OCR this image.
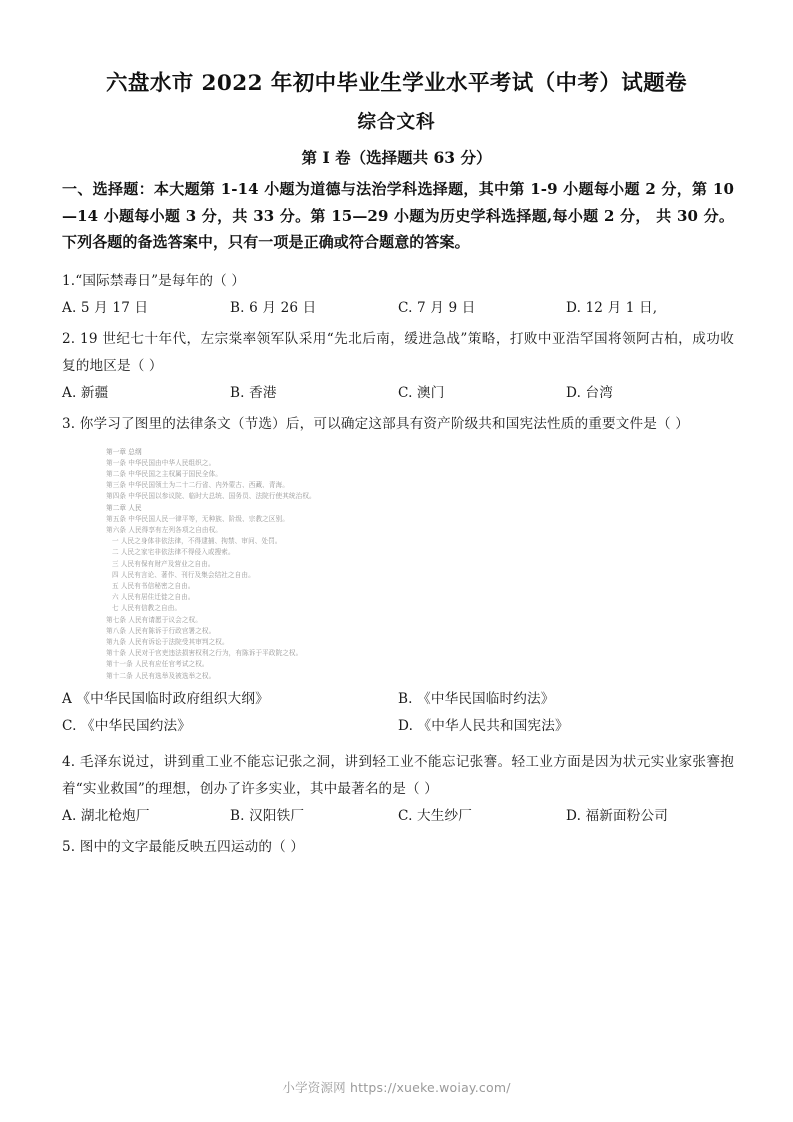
六盘水市 2022 年初中毕业生学业水平考试（中考）试题卷
综合文科
第 I 卷（选择题共 63 分）

一、选择题：本大题第 1-14 小题为道德与法治学科选择题，其中第 1-9 小题每小题 2 分，第 10—14 小题每小题 3 分，共 33 分。第 15—29 小题为历史学科选择题,每小题 2 分， 共 30 分。下列各题的备选答案中，只有一项是正确或符合题意的答案。

1.“国际禁毒日”是每年的（ ）

A. 5 月 17 日	B. 6 月 26 日	C. 7 月 9 日	D. 12 月 1 日,

2. 19 世纪七十年代，左宗棠率领军队采用“先北后南，缓进急战”策略，打败中亚浩罕国将领阿古柏，成功收复的地区是（ ）

A. 新疆	B. 香港	C. 澳门	D. 台湾

3. 你学习了图里的法律条文（节选）后，可以确定这部具有资产阶级共和国宪法性质的重要文件是（ ）

第一章 总纲
第一条 中华民国由中华人民组织之。
第二条 中华民国之主权属于国民全体。
第三条 中华民国领土为二十二行省、内外蒙古、西藏、青海。
第四条 中华民国以参议院、临时大总统、国务员、法院行使其统治权。
第二章 人民
第五条 中华民国人民一律平等，无种族、阶级、宗教之区别。
第六条 人民得享有左列各项之自由权。
一 人民之身体非依法律，不得逮捕、拘禁、审问、处罚。
二 人民之家宅非依法律不得侵入或搜索。
三 人民有保有财产及营业之自由。
四 人民有言论、著作、刊行及集会结社之自由。
五 人民有书信秘密之自由。
六 人民有居住迁徙之自由。
七 人民有信教之自由。
第七条 人民有请愿于议会之权。
第八条 人民有陈诉于行政官署之权。
第九条 人民有诉讼于法院受其审判之权。
第十条 人民对于官吏违法损害权利之行为，有陈诉于平政院之权。
第十一条 人民有应任官考试之权。
第十二条 人民有选举及被选举之权。
A 《中华民国临时政府组织大纲》	B. 《中华民国临时约法》
C. 《中华民国约法》	D. 《中华人民共和国宪法》

4. 毛泽东说过，讲到重工业不能忘记张之洞，讲到轻工业不能忘记张謇。轻工业方面是因为状元实业家张謇抱着“实业救国”的理想，创办了许多实业，其中最著名的是（ ）

A. 湖北枪炮厂	B. 汉阳铁厂	C. 大生纱厂	D. 福新面粉公司

5. 图中的文字最能反映五四运动的（ ）

小学资源网 https://xueke.woiay.com/
